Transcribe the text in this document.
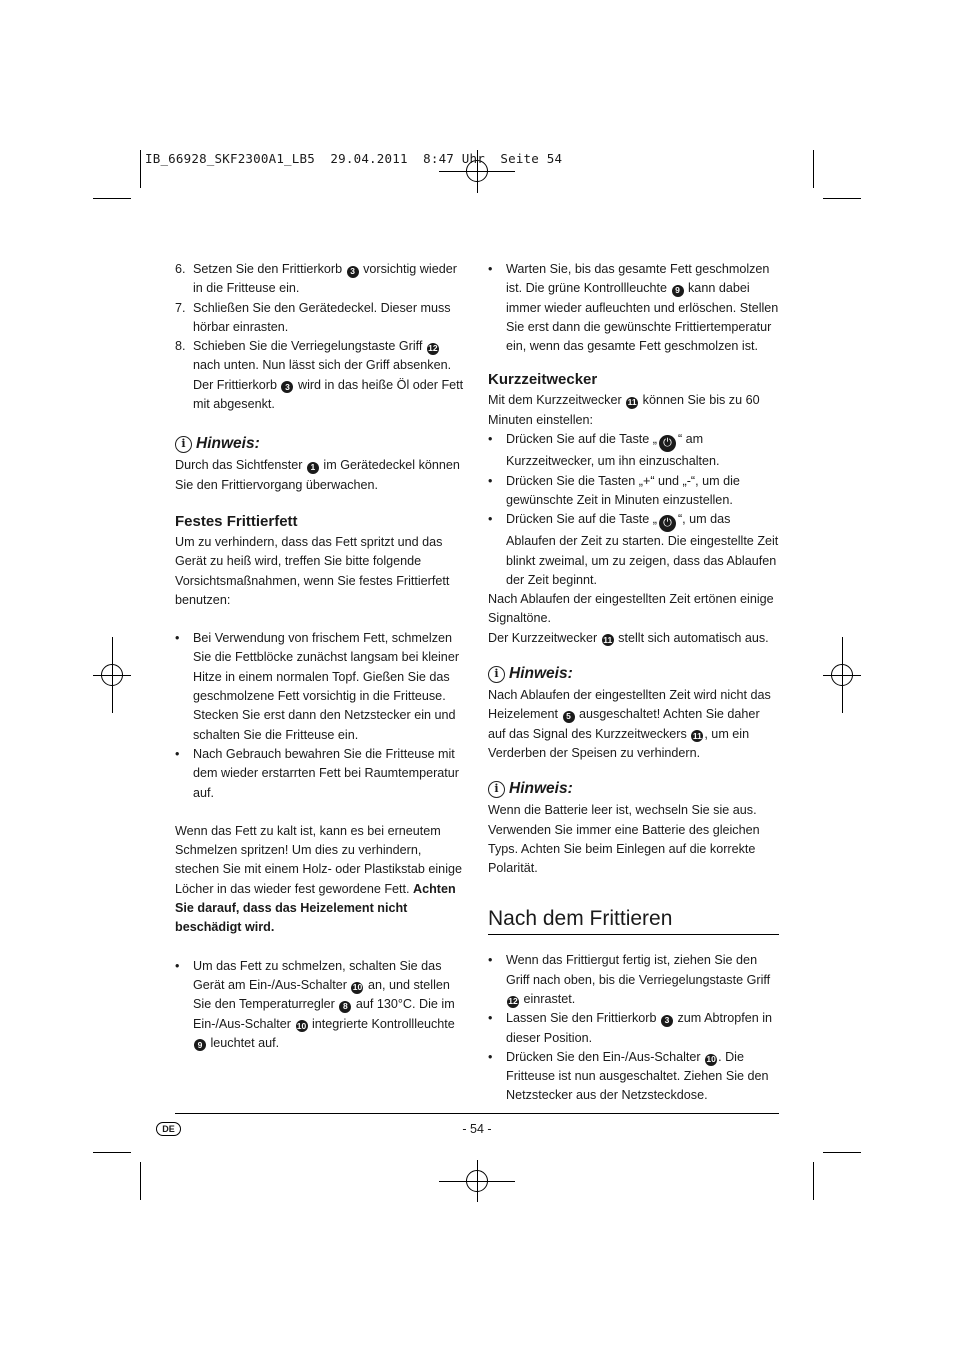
IB_66928_SKF2300A1_LB5  29.04.2011  8:47 Uhr  Seite 54
6. Setzen Sie den Frittierkorb 3 vorsichtig wieder in die Fritteuse ein.
7. Schließen Sie den Gerätedeckel. Dieser muss hörbar einrasten.
8. Schieben Sie die Verriegelungstaste Griff 12 nach unten. Nun lässt sich der Griff absenken. Der Frittierkorb 3 wird in das heiße Öl oder Fett mit abgesenkt.
i Hinweis:

Durch das Sichtfenster 1 im Gerätedeckel können Sie den Frittiervorgang überwachen.

Festes Frittierfett

Um zu verhindern, dass das Fett spritzt und das Gerät zu heiß wird, treffen Sie bitte folgende Vorsichtsmaßnahmen, wenn Sie festes Frittierfett benutzen:

• Bei Verwendung von frischem Fett, schmelzen Sie die Fettblöcke zunächst langsam bei kleiner Hitze in einem normalen Topf. Gießen Sie das geschmolzene Fett vorsichtig in die Fritteuse. Stecken Sie erst dann den Netzstecker ein und schalten Sie die Fritteuse ein.
• Nach Gebrauch bewahren Sie die Fritteuse mit dem wieder erstarrten Fett bei Raumtemperatur auf.

Wenn das Fett zu kalt ist, kann es bei erneutem Schmelzen spritzen! Um dies zu verhindern, stechen Sie mit einem Holz- oder Plastikstab einige Löcher in das wieder fest gewordene Fett. Achten Sie darauf, dass das Heizelement nicht beschädigt wird.

• Um das Fett zu schmelzen, schalten Sie das Gerät am Ein-/Aus-Schalter 10 an, und stellen Sie den Temperaturregler 8 auf 130°C. Die im Ein-/Aus-Schalter 10 integrierte Kontrollleuchte 9 leuchtet auf.
• Warten Sie, bis das gesamte Fett geschmolzen ist. Die grüne Kontrollleuchte 9 kann dabei immer wieder aufleuchten und erlöschen. Stellen Sie erst dann die gewünschte Frittiertemperatur ein, wenn das gesamte Fett geschmolzen ist.

Kurzzeitwecker

Mit dem Kurzzeitwecker 11 können Sie bis zu 60 Minuten einstellen:

• Drücken Sie auf die Taste „ ⏻ “ am Kurzzeitwecker, um ihn einzuschalten.
• Drücken Sie die Tasten „+“ und „-“, um die gewünschte Zeit in Minuten einzustellen.
• Drücken Sie auf die Taste „ ⏻ “, um das Ablaufen der Zeit zu starten. Die eingestellte Zeit blinkt zweimal, um zu zeigen, dass das Ablaufen der Zeit beginnt.

Nach Ablaufen der eingestellten Zeit ertönen einige Signaltöne.

Der Kurzzeitwecker 11 stellt sich automatisch aus.

i Hinweis:

Nach Ablaufen der eingestellten Zeit wird nicht das Heizelement 5 ausgeschaltet! Achten Sie daher auf das Signal des Kurzzeitweckers 11 , um ein Verderben der Speisen zu verhindern.

i Hinweis:

Wenn die Batterie leer ist, wechseln Sie sie aus. Verwenden Sie immer eine Batterie des gleichen Typs. Achten Sie beim Einlegen auf die korrekte Polarität.

Nach dem Frittieren

• Wenn das Frittiergut fertig ist, ziehen Sie den Griff nach oben, bis die Verriegelungstaste Griff 12 einrastet.
• Lassen Sie den Frittierkorb 3 zum Abtropfen in dieser Position.
• Drücken Sie den Ein-/Aus-Schalter 10 . Die Fritteuse ist nun ausgeschaltet. Ziehen Sie den Netzstecker aus der Netzsteckdose.
DE	- 54 -
